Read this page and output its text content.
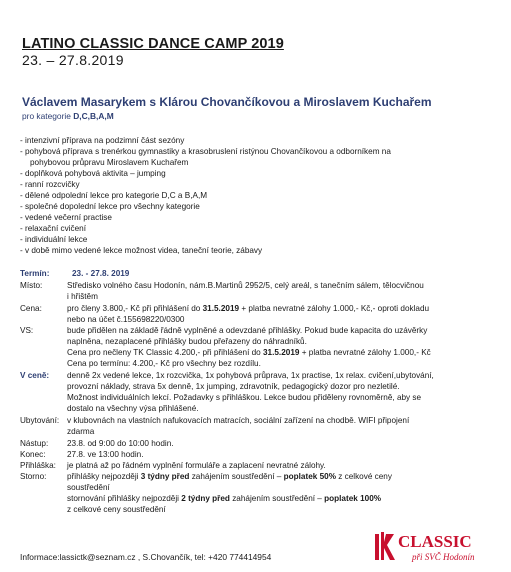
LATINO CLASSIC DANCE CAMP 2019
23. – 27.8.2019
Václavem Masarykem s Klárou Chovančíkovou a Miroslavem Kuchařem
pro kategorie D,C,B,A,M
- intenzivní příprava na podzimní část sezóny
- pohybová příprava s trenérkou gymnastiky a krasobruslení ristýnou Chovančíkovou a odborníkem na
pohybovou průpravu Miroslavem Kuchařem
- doplňková pohybová aktivita – jumping
- ranní rozcvičky
- dělené odpolední lekce pro kategorie D,C a B,A,M
- společné dopolední lekce pro všechny kategorie
- vedené večerní practise
- relaxační cvičení
- individuální lekce
- v době mimo vedené lekce možnost videa, taneční teorie, zábavy
Termín:	23. - 27.8. 2019
Místo:	Středisko volného času Hodonín, nám.B.Martinů 2952/5, celý areál, s tanečním sálem, tělocvičnou
i hřištěm
Cena:	pro členy 3.800,- Kč při přihlášení do 31.5.2019 + platba nevratné zálohy 1.000,- Kč,- oproti dokladu
nebo na účet č.155698220/0300
VS:	bude přidělen na základě řádně vyplněné a odevzdané přihlášky. Pokud bude kapacita do uzávěrky
naplněna, nezaplacené přihlášky budou přeřazeny do náhradníků.
Cena pro nečleny TK Classic 4.200,- při přihlášení do 31.5.2019 + platba nevratné zálohy 1.000,- Kč
Cena po termínu: 4.200,- Kč pro všechny bez rozdílu.
V ceně: denně 2x vedené lekce, 1x rozcvička, 1x pohybová průprava, 1x practise, 1x relax. cvičení,ubytování,
provozní náklady, strava 5x denně, 1x jumping, zdravotník, pedagogický dozor pro nezletilé.
Možnost individuálních lekcí. Požadavky s přihláškou. Lekce budou přiděleny rovnoměrně, aby se
dostalo na všechny výsa přihlášené.
Ubytování: v klubovnách na vlastních nafukovacích matracích, sociální zařízení na chodbě. WIFI připojení
zdarma
Nástup: 23.8. od 9:00 do 10:00 hodin.
Konec:	27.8. ve 13:00 hodin.
Přihláška: je platná až po řádném vyplnění formuláře a zaplacení nevratné zálohy.
Storno:	přihlášky nejpozději 3 týdny před zahájením soustředění – poplatek 50% z celkové ceny
soustředění
stornování přihlášky nejpozději 2 týdny před zahájením soustředění – poplatek 100%
z celkové ceny soustředění
Informace:lassictk@seznam.cz , S.Chovančík, tel: +420 774414954
CLASSIC
při SVČ Hodonín
